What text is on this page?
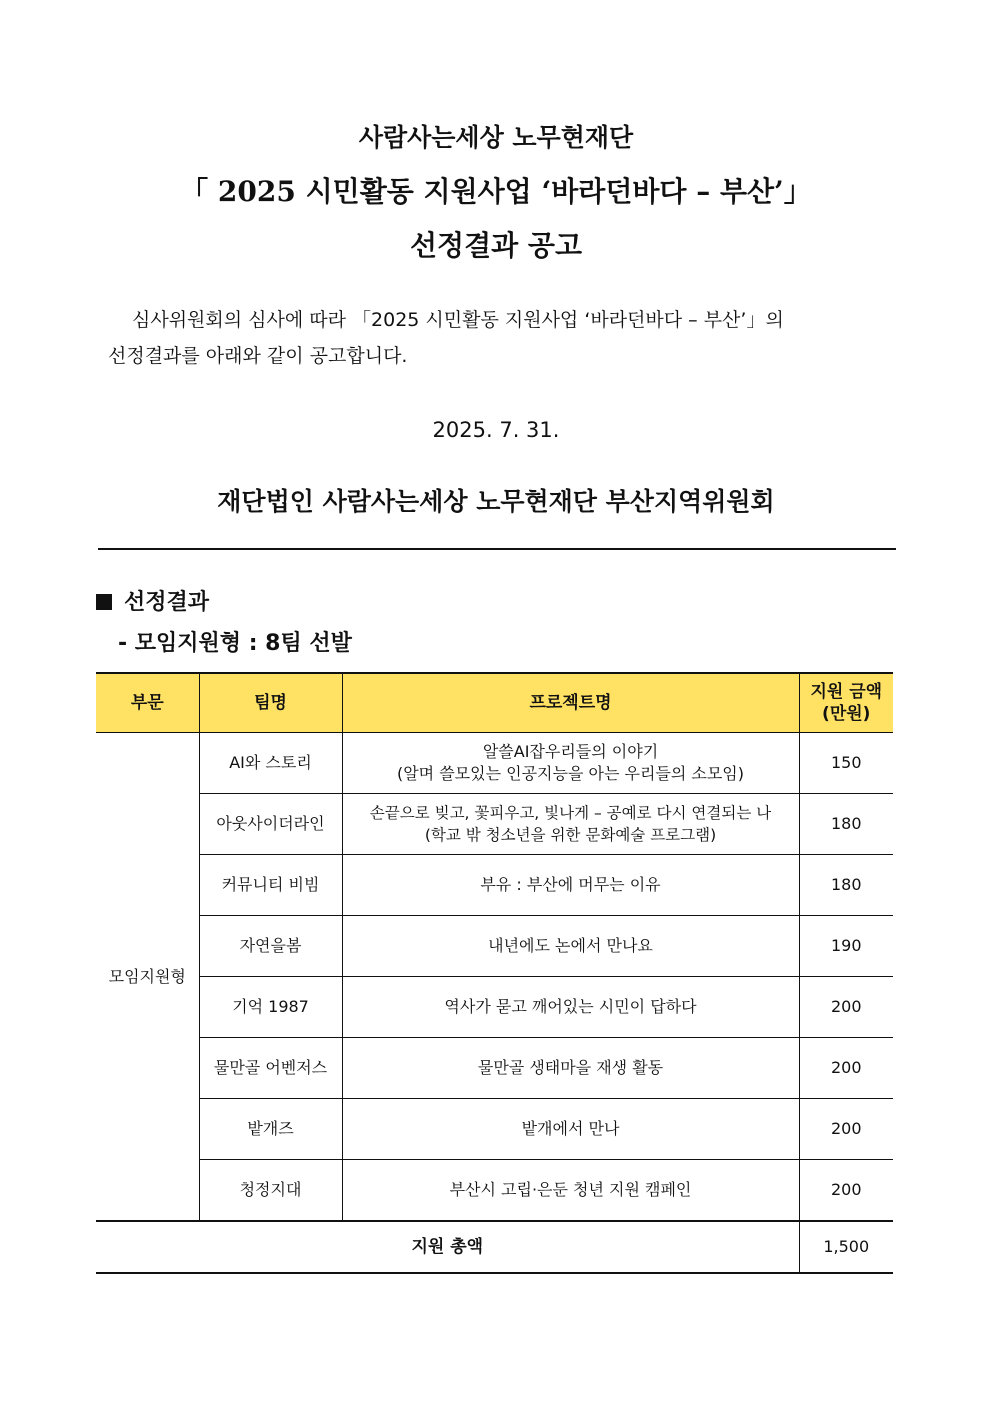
사람사는세상 노무현재단
「 2025 시민활동 지원사업 ‘바라던바다 – 부산’」
선정결과 공고
심사위원회의 심사에 따라 「2025 시민활동 지원사업 ‘바라던바다 – 부산’」의
선정결과를 아래와 같이 공고합니다.
2025. 7. 31.
재단법인 사람사는세상 노무현재단 부산지역위원회
선정결과
- 모임지원형 : 8팀 선발
부문	팀명	프로젝트명	지원 금액
(만원)
모임지원형	AI와 스토리	알쓸AI잡우리들의 이야기
(알며 쓸모있는 인공지능을 아는 우리들의 소모임)	150
	아웃사이더라인	손끝으로 빚고, 꽃피우고, 빛나게 – 공예로 다시 연결되는 나
(학교 밖 청소년을 위한 문화예술 프로그램)	180
	커뮤니티 비빔	부유 : 부산에 머무는 이유	180
	자연을봄	내년에도 논에서 만나요	190
	기억 1987	역사가 묻고 깨어있는 시민이 답하다	200
	물만골 어벤저스	물만골 생태마을 재생 활동	200
	밭개즈	밭개에서 만나	200
	청정지대	부산시 고립·은둔 청년 지원 캠페인	200
지원 총액			1,500
